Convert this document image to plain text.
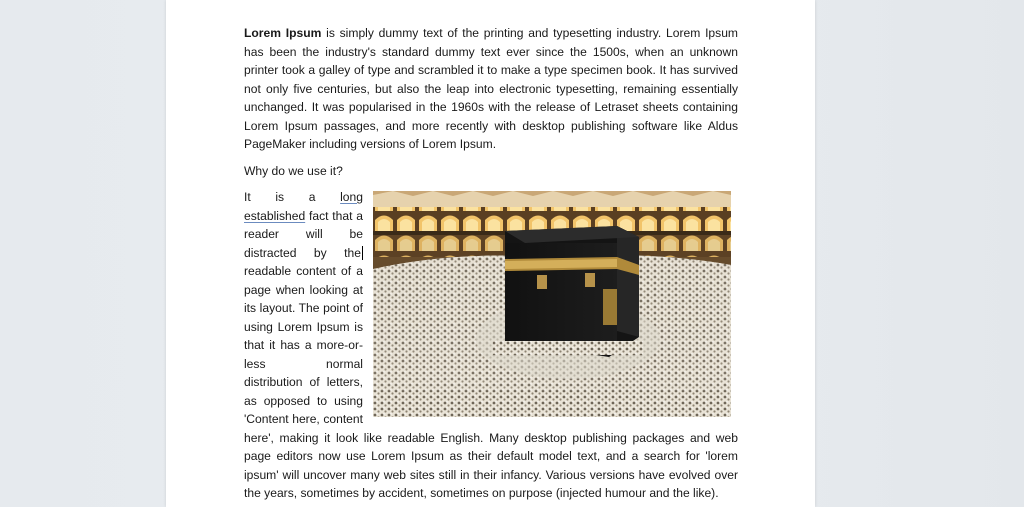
Lorem Ipsum is simply dummy text of the printing and typesetting industry. Lorem Ipsum has been the industry's standard dummy text ever since the 1500s, when an unknown printer took a galley of type and scrambled it to make a type specimen book. It has survived not only five centuries, but also the leap into electronic typesetting, remaining essentially unchanged. It was popularised in the 1960s with the release of Letraset sheets containing Lorem Ipsum passages, and more recently with desktop publishing software like Aldus PageMaker including versions of Lorem Ipsum.

Why do we use it?

It is a long established fact that a reader will be distracted by the readable content of a page when looking at its layout. The point of using Lorem Ipsum is that it has a more-or-less normal distribution of letters, as opposed to using 'Content here, content here', making it look like readable English. Many desktop publishing packages and web page editors now use Lorem Ipsum as their default model text, and a search for 'lorem ipsum' will uncover many web sites still in their infancy. Various versions have evolved over the years, sometimes by accident, sometimes on purpose (injected humour and the like).
